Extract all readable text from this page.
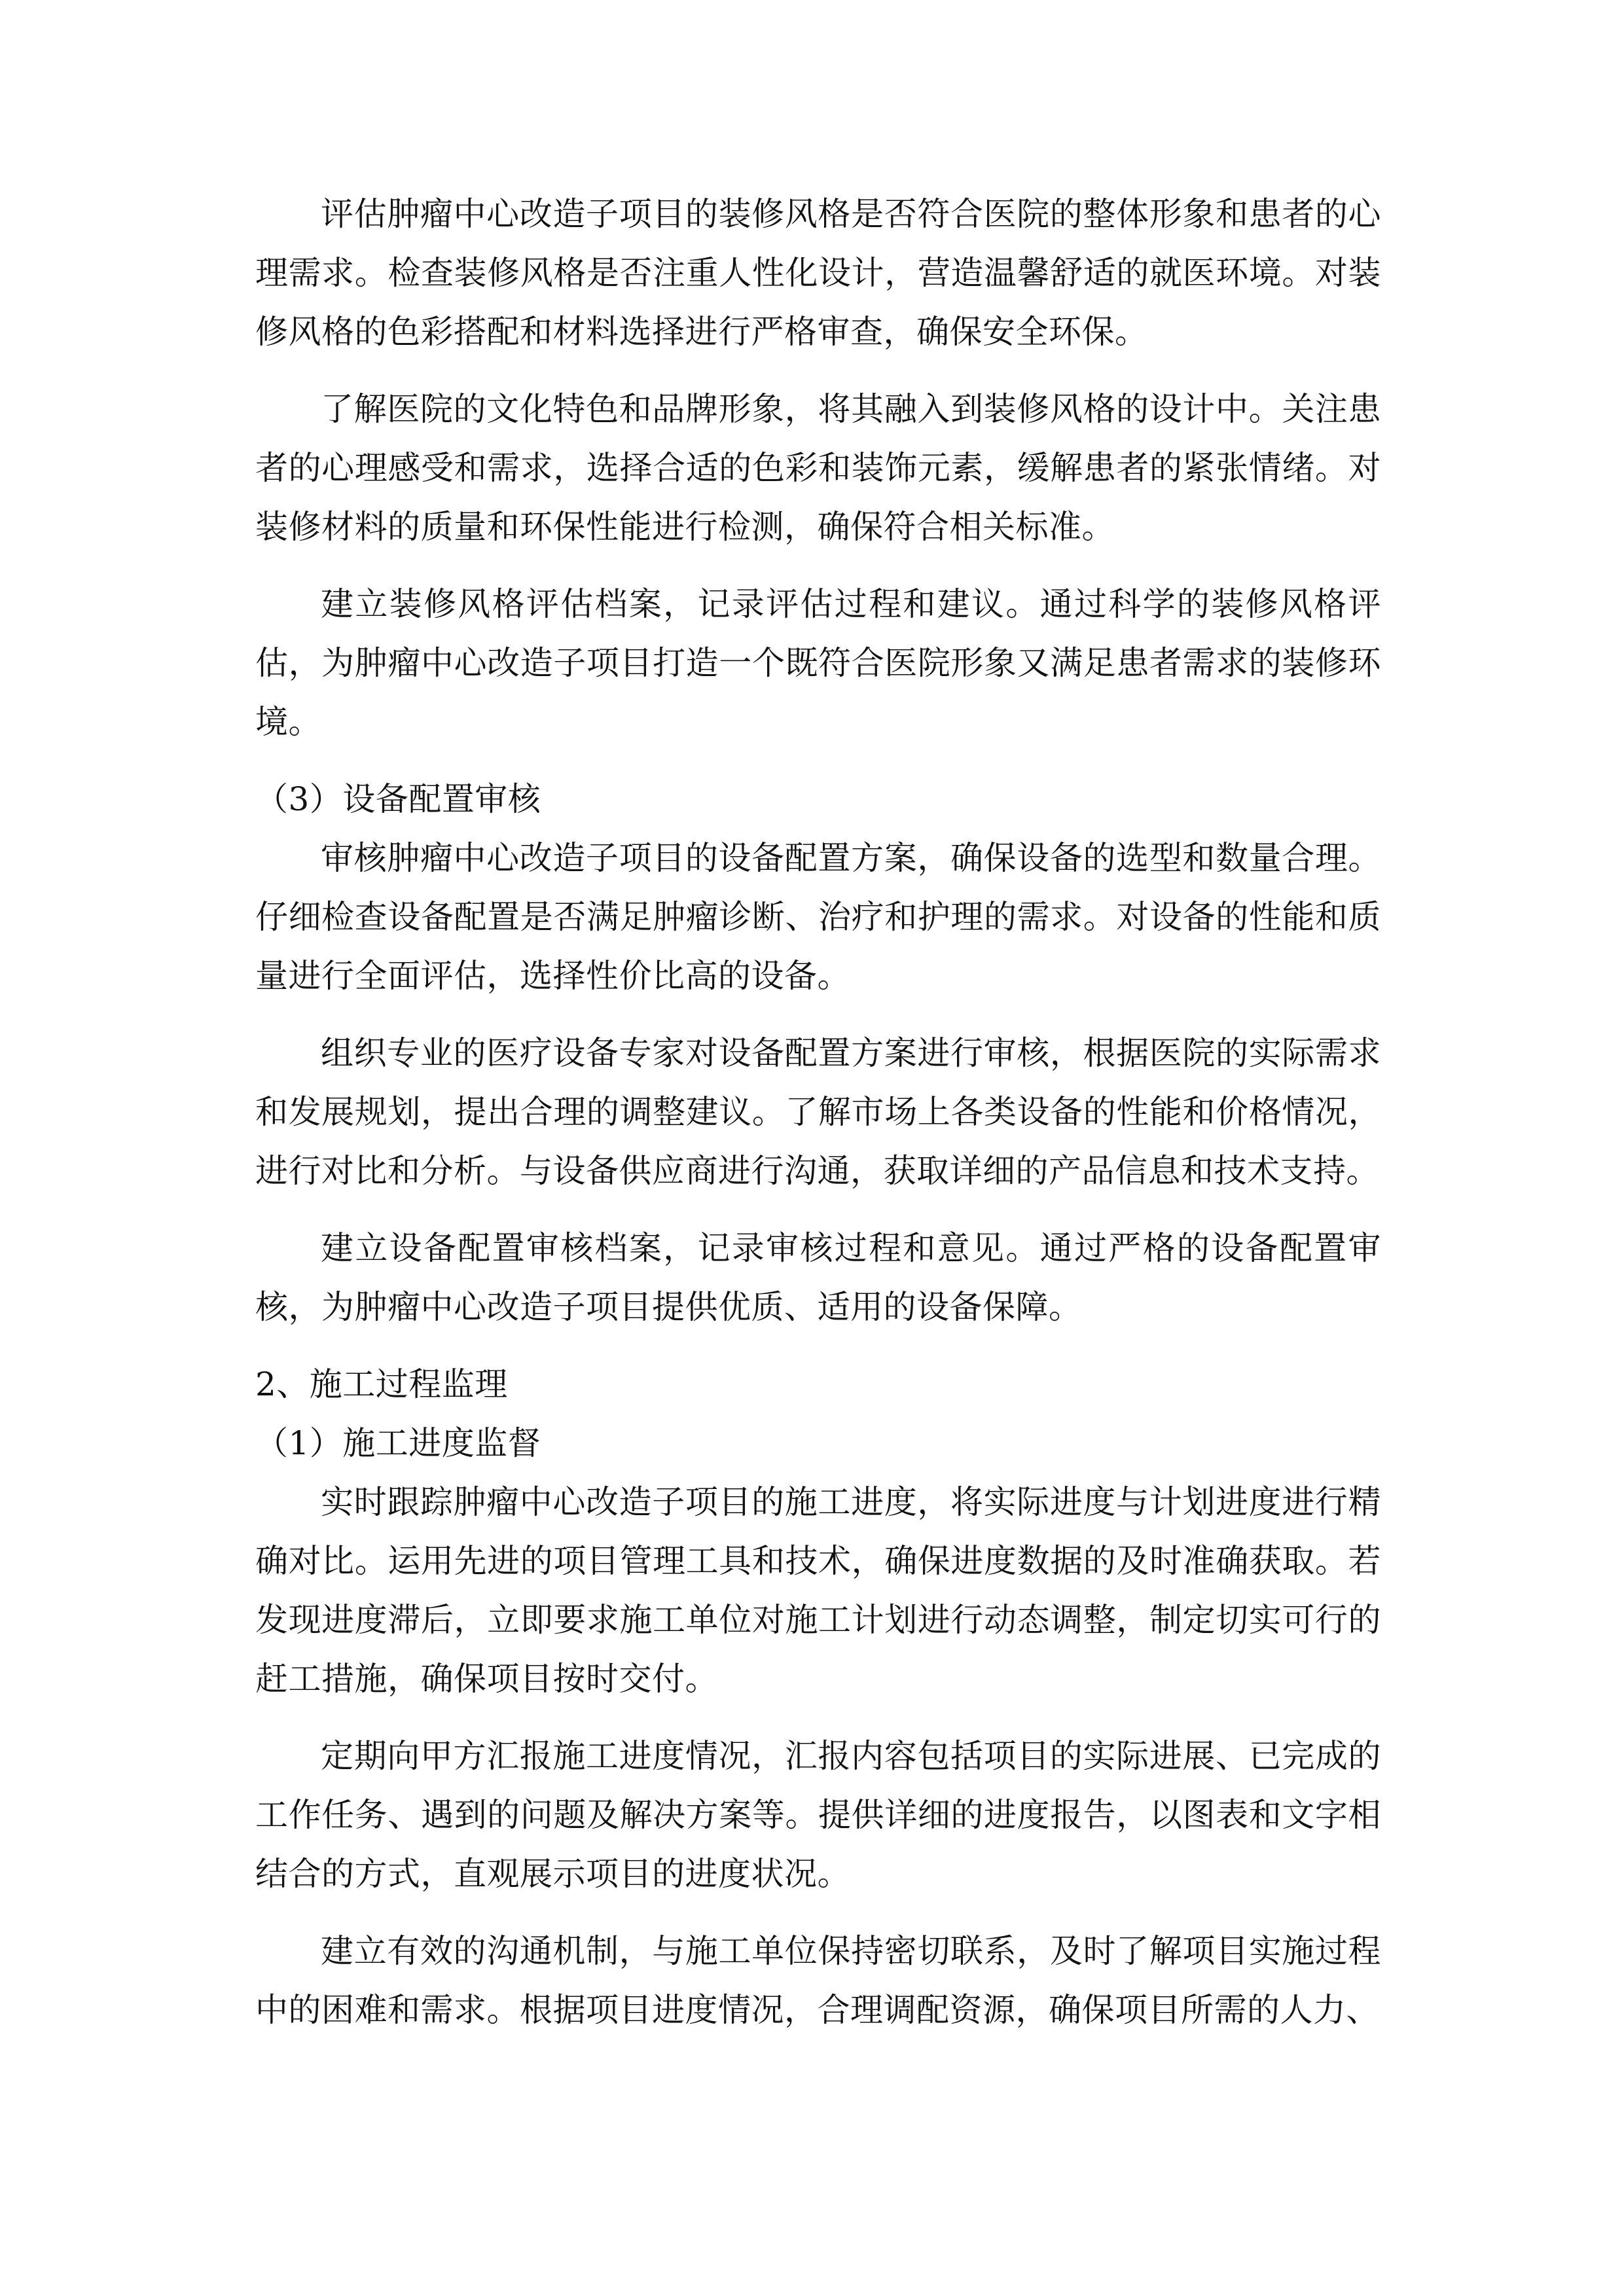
评估肿瘤中心改造子项目的装修风格是否符合医院的整体形象和患者的心理需求。检查装修风格是否注重人性化设计，营造温馨舒适的就医环境。对装修风格的色彩搭配和材料选择进行严格审查，确保安全环保。

了解医院的文化特色和品牌形象，将其融入到装修风格的设计中。关注患者的心理感受和需求，选择合适的色彩和装饰元素，缓解患者的紧张情绪。对装修材料的质量和环保性能进行检测，确保符合相关标准。

建立装修风格评估档案，记录评估过程和建议。通过科学的装修风格评估，为肿瘤中心改造子项目打造一个既符合医院形象又满足患者需求的装修环境。

（3）设备配置审核

审核肿瘤中心改造子项目的设备配置方案，确保设备的选型和数量合理。仔细检查设备配置是否满足肿瘤诊断、治疗和护理的需求。对设备的性能和质量进行全面评估，选择性价比高的设备。

组织专业的医疗设备专家对设备配置方案进行审核，根据医院的实际需求和发展规划，提出合理的调整建议。了解市场上各类设备的性能和价格情况，进行对比和分析。与设备供应商进行沟通，获取详细的产品信息和技术支持。

建立设备配置审核档案，记录审核过程和意见。通过严格的设备配置审核，为肿瘤中心改造子项目提供优质、适用的设备保障。

2、施工过程监理

（1）施工进度监督

实时跟踪肿瘤中心改造子项目的施工进度，将实际进度与计划进度进行精确对比。运用先进的项目管理工具和技术，确保进度数据的及时准确获取。若发现进度滞后，立即要求施工单位对施工计划进行动态调整，制定切实可行的赶工措施，确保项目按时交付。

定期向甲方汇报施工进度情况，汇报内容包括项目的实际进展、已完成的工作任务、遇到的问题及解决方案等。提供详细的进度报告，以图表和文字相结合的方式，直观展示项目的进度状况。

建立有效的沟通机制，与施工单位保持密切联系，及时了解项目实施过程中的困难和需求。根据项目进度情况，合理调配资源，确保项目所需的人力、
